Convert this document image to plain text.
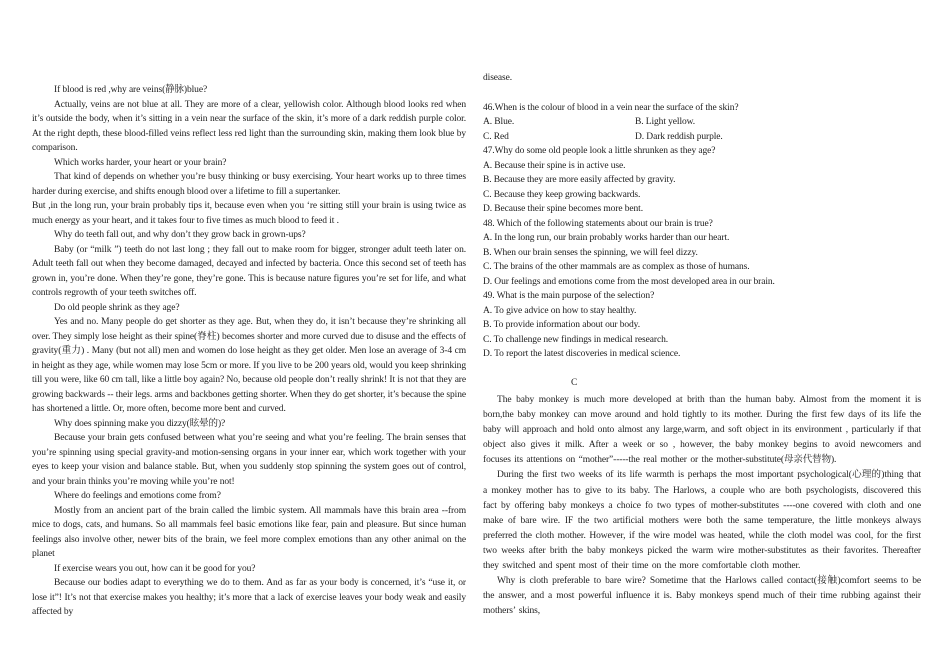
If blood is red ,why are veins(静脉)blue?

Actually, veins are not blue at all. They are more of a clear, yellowish color. Although blood looks red when it’s outside the body, when it’s sitting in a vein near the surface of the skin, it’s more of a dark reddish purple color. At the right depth, these blood-filled veins reflect less red light than the surrounding skin, making them look blue by comparison.

Which works harder, your heart or your brain?

That kind of depends on whether you’re busy thinking or busy exercising. Your heart works up to three times harder during exercise, and shifts enough blood over a lifetime to fill a supertanker.

But ,in the long run, your brain probably tips it, because even when you ‘re sitting still your brain is using twice as much energy as your heart, and it takes four to five times as much blood to feed it .

Why do teeth fall out, and why don’t they grow back in grown-ups?

Baby (or “milk ”) teeth do not last long ; they fall out to make room for bigger, stronger adult teeth later on. Adult teeth fall out when they become damaged, decayed and infected by bacteria. Once this second set of teeth has grown in, you’re done. When they’re gone, they’re gone. This is because nature figures you’re set for life, and what controls regrowth of your teeth switches off.

Do old people shrink as they age?

Yes and no. Many people do get shorter as they age. But, when they do, it isn’t because they’re shrinking all over. They simply lose height as their spine(脊柱) becomes shorter and more curved due to disuse and the effects of gravity(重力) . Many (but not all) men and women do lose height as they get older. Men lose an average of 3-4 cm in height as they age, while women may lose 5cm or more. If you live to be 200 years old, would you keep shrinking till you were, like 60 cm tall, like a little boy again? No, because old people don’t really shrink! It is not that they are growing backwards -- their legs. arms and backbones getting shorter. When they do get shorter, it’s because the spine has shortened a little. Or, more often, become more bent and curved.

Why does spinning make you dizzy(眩晕的)?

Because your brain gets confused between what you’re seeing and what you’re feeling. The brain senses that you’re spinning using special gravity-and motion-sensing organs in your inner ear, which work together with your eyes to keep your vision and balance stable. But, when you suddenly stop spinning the system goes out of control, and your brain thinks you’re moving while you’re not!

Where do feelings and emotions come from?

Mostly from an ancient part of the brain called the limbic system. All mammals have this brain area --from mice to dogs, cats, and humans. So all mammals feel basic emotions like fear, pain and pleasure. But since human feelings also involve other, newer bits of the brain, we feel more complex emotions than any other animal on the planet

If exercise wears you out, how can it be good for you?

Because our bodies adapt to everything we do to them. And as far as your body is concerned, it’s “use it, or lose it”! It’s not that exercise makes you healthy; it’s more that a lack of exercise leaves your body weak and easily affected by

disease.

46.When is the colour of blood in a vein near the surface of the skin?

A. Blue.	B. Light yellow.
C. Red	D. Dark reddish purple.

47.Why do some old people look a little shrunken as they age?

A. Because their spine is in active use.

B. Because they are more easily affected by gravity.

C. Because they keep growing backwards.

D. Because their spine becomes more bent.

48. Which of the following statements about our brain is true?

A. In the long run, our brain probably works harder than our heart.

B. When our brain senses the spinning, we will feel dizzy.

C. The brains of the other mammals are as complex as those of humans.

D. Our feelings and emotions come from the most developed area in our brain.

49. What is the main purpose of the selection?

A. To give advice on how to stay healthy.

B. To provide information about our body.

C. To challenge new findings in medical research.

D. To report the latest discoveries in medical science.

C

The baby monkey is much more developed at brith than the human baby. Almost from the moment it is born,the baby monkey can move around and hold tightly to its mother. During the first few days of its life the baby will approach and hold onto almost any large,warm, and soft object in its environment , particularly if that object also gives it milk. After a week or so , however, the baby monkey begins to avoid newcomers and focuses its attentions on “mother”-----the real mother or the mother-substitute(母亲代替物).

During the first two weeks of its life warmth is perhaps the most important psychological(心理的)thing that a monkey mother has to give to its baby. The Harlows, a couple who are both psychologists, discovered this fact by offering baby monkeys a choice fo two types of mother-substitutes ----one covered with cloth and one make of bare wire. IF the two artificial mothers were both the same temperature, the little monkeys always preferred the cloth mother. However, if the wire model was heated, while the cloth model was cool, for the first two weeks after brith the baby monkeys picked the warm wire mother-substitutes as their favorites. Thereafter they switched and spent most of their time on the more comfortable cloth mother.

Why is cloth preferable to bare wire? Sometime that the Harlows called contact(接触)comfort seems to be the answer, and a most powerful influence it is. Baby monkeys spend much of their time rubbing against their mothers’ skins,
